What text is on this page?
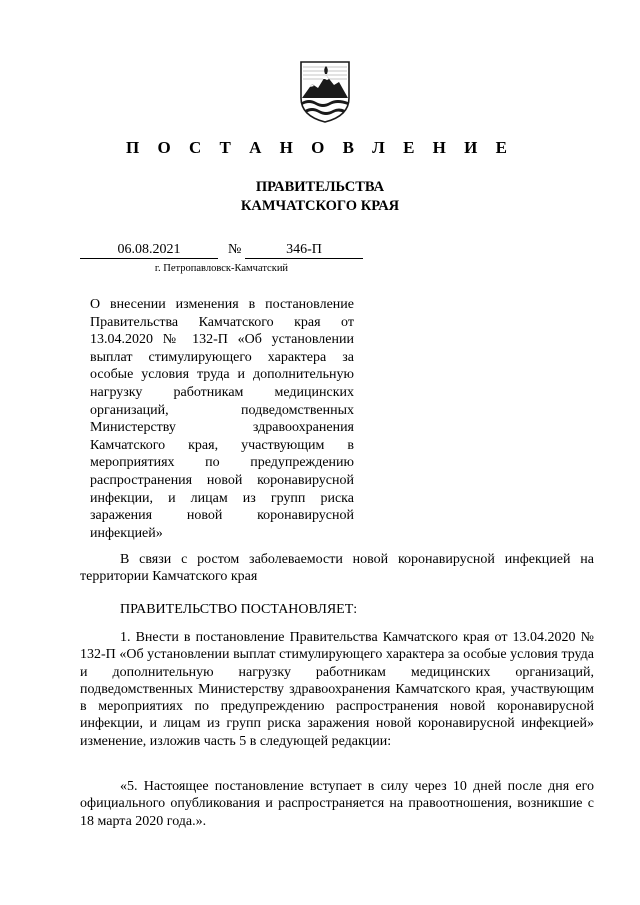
П О С Т А Н О В Л Е Н И Е
ПРАВИТЕЛЬСТВА
КАМЧАТСКОГО КРАЯ
06.08.2021	№	346-П
г. Петропавловск-Камчатский
О внесении изменения в постановление Правительства Камчатского края от 13.04.2020 № 132-П «Об установлении выплат стимулирующего характера за особые условия труда и дополнительную нагрузку работникам медицинских организаций, подведомственных Министерству здравоохранения Камчатского края, участвующим в мероприятиях по предупреждению распространения новой коронавирусной инфекции, и лицам из групп риска заражения новой коронавирусной инфекцией»
В связи с ростом заболеваемости новой коронавирусной инфекцией на территории Камчатского края
ПРАВИТЕЛЬСТВО ПОСТАНОВЛЯЕТ:
1. Внести в постановление Правительства Камчатского края от 13.04.2020 № 132-П «Об установлении выплат стимулирующего характера за особые условия труда и дополнительную нагрузку работникам медицинских организаций, подведомственных Министерству здравоохранения Камчатского края, участвующим в мероприятиях по предупреждению распространения новой коронавирусной инфекции, и лицам из групп риска заражения новой коронавирусной инфекцией» изменение, изложив часть 5 в следующей редакции:
«5. Настоящее постановление вступает в силу через 10 дней после дня его официального опубликования и распространяется на правоотношения, возникшие с 18 марта 2020 года.».
